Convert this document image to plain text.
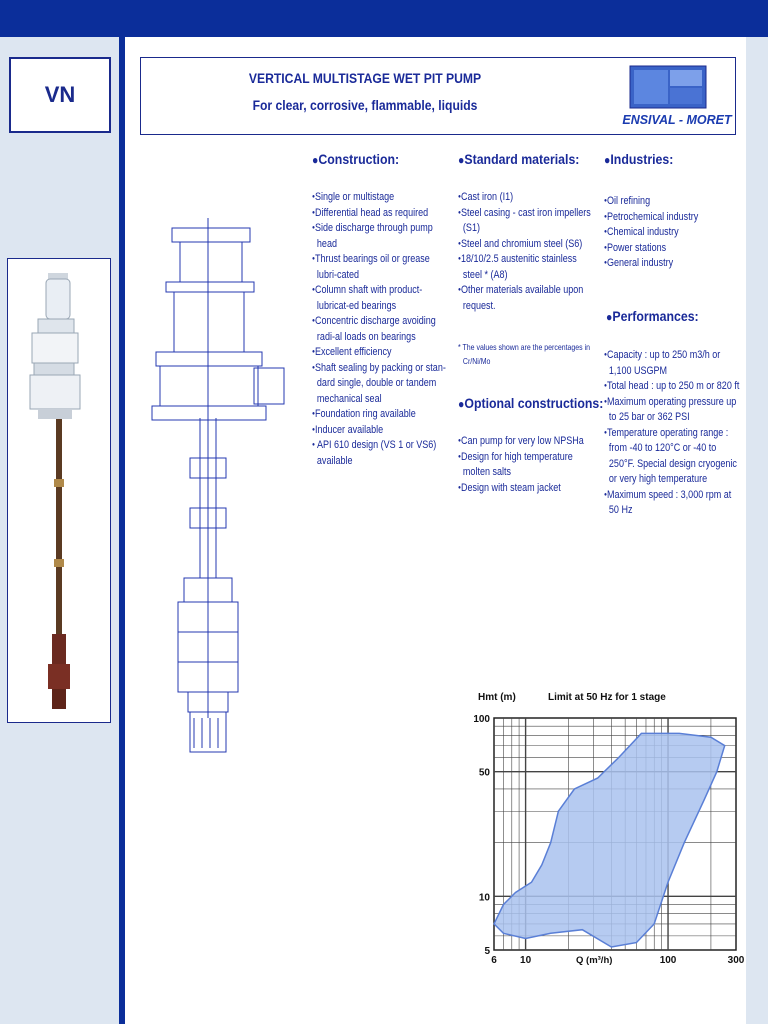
VN
VERTICAL MULTISTAGE WET PIT PUMP
For clear, corrosive, flammable, liquids
ENSIVAL - MORET
●Construction:
● Single or multistage
● Differential head as required
● Side discharge through pump head
● Thrust bearings oil or grease lubri-cated
● Column shaft with product-lubricat-ed bearings
● Concentric discharge avoiding radi-al loads on bearings
● Excellent efficiency
● Shaft sealing by packing or stan-dard single, double or tandem mechanical seal
● Foundation ring available
● Inducer available
● API 610 design (VS 1 or VS6) available
●Standard materials:
● Cast iron (I1)
● Steel casing - cast iron impellers (S1)
● Steel and chromium steel (S6)
● 18/10/2.5 austenitic stainless steel * (A8)
● Other materials available upon request.
* The values shown are the percentages in
Cr/Ni/Mo
●Optional constructions:
● Can pump for very low NPSHa
● Design for high temperature molten salts
● Design with steam jacket
●Industries:
● Oil refining
● Petrochemical industry
● Chemical industry
● Power stations
● General industry
●Performances:
● Capacity : up to 250 m3/h or 1,100 USGPM
● Total head : up to 250 m or 820 ft
● Maximum operating pressure up to 25 bar or 362 PSI
● Temperature operating range : from -40 to 120°C or -40 to 250°F. Special design cryogenic or very high temperature
● Maximum speed : 3,000 rpm at 50 Hz
Hmt (m)	Limit at 50 Hz for 1 stage
Q (m³/h)
6 10	100	300
5
10
50
100
